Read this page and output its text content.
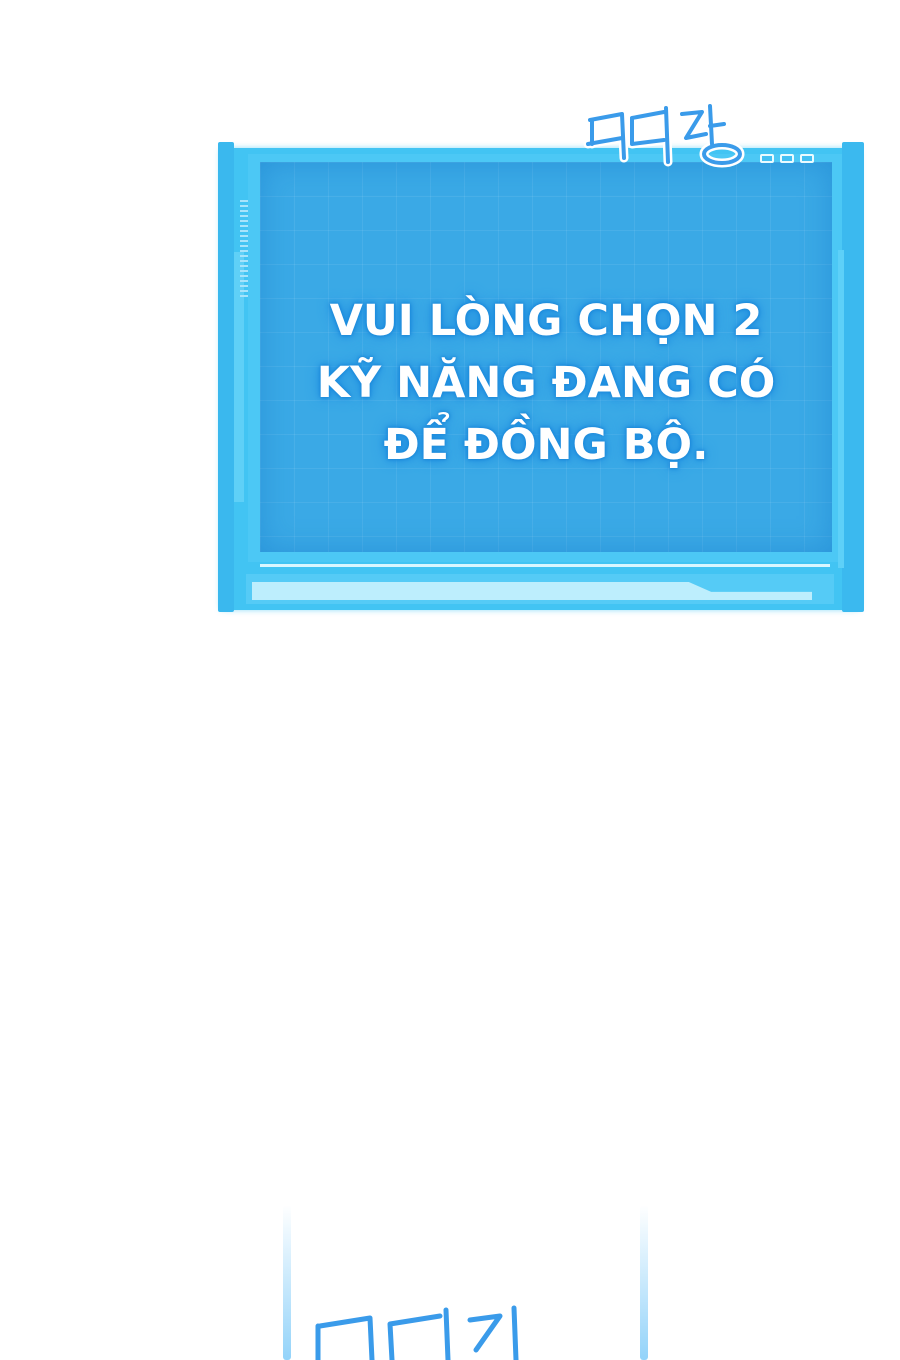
VUI LÒNG CHỌN 2
KỸ NĂNG ĐANG CÓ
ĐỂ ĐỒNG BỘ.
